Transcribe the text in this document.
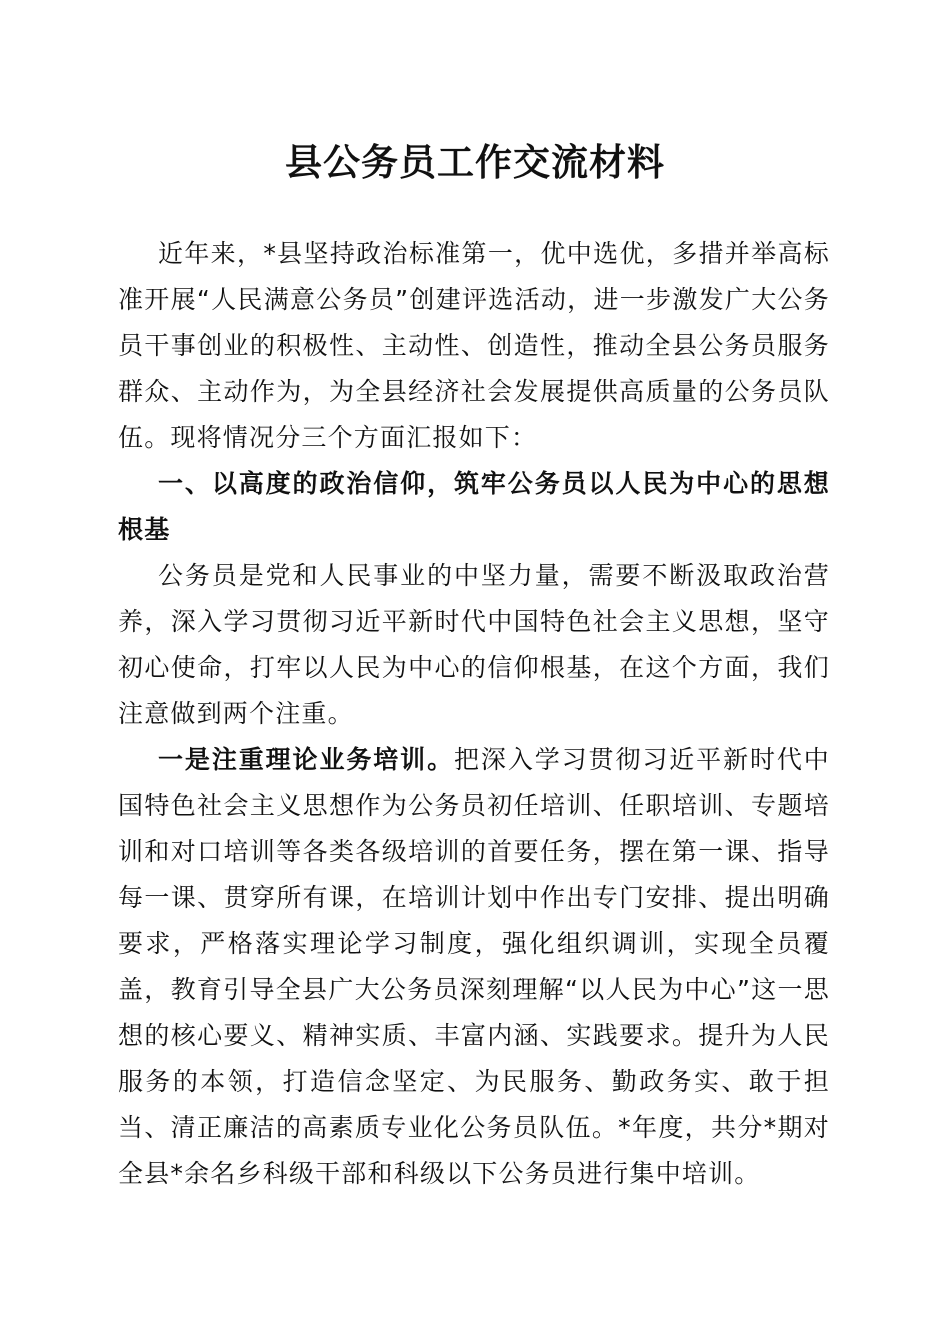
县公务员工作交流材料

近年来，*县坚持政治标准第一，优中选优，多措并举高标准开展“人民满意公务员”创建评选活动，进一步激发广大公务员干事创业的积极性、主动性、创造性，推动全县公务员服务群众、主动作为，为全县经济社会发展提供高质量的公务员队伍。现将情况分三个方面汇报如下：

一、以高度的政治信仰，筑牢公务员以人民为中心的思想根基

公务员是党和人民事业的中坚力量，需要不断汲取政治营养，深入学习贯彻习近平新时代中国特色社会主义思想，坚守初心使命，打牢以人民为中心的信仰根基，在这个方面，我们注意做到两个注重。

一是注重理论业务培训。把深入学习贯彻习近平新时代中国特色社会主义思想作为公务员初任培训、任职培训、专题培训和对口培训等各类各级培训的首要任务，摆在第一课、指导每一课、贯穿所有课，在培训计划中作出专门安排、提出明确要求，严格落实理论学习制度，强化组织调训，实现全员覆盖，教育引导全县广大公务员深刻理解“以人民为中心”这一思想的核心要义、精神实质、丰富内涵、实践要求。提升为人民服务的本领，打造信念坚定、为民服务、勤政务实、敢于担当、清正廉洁的高素质专业化公务员队伍。*年度，共分*期对全县*余名乡科级干部和科级以下公务员进行集中培训。
